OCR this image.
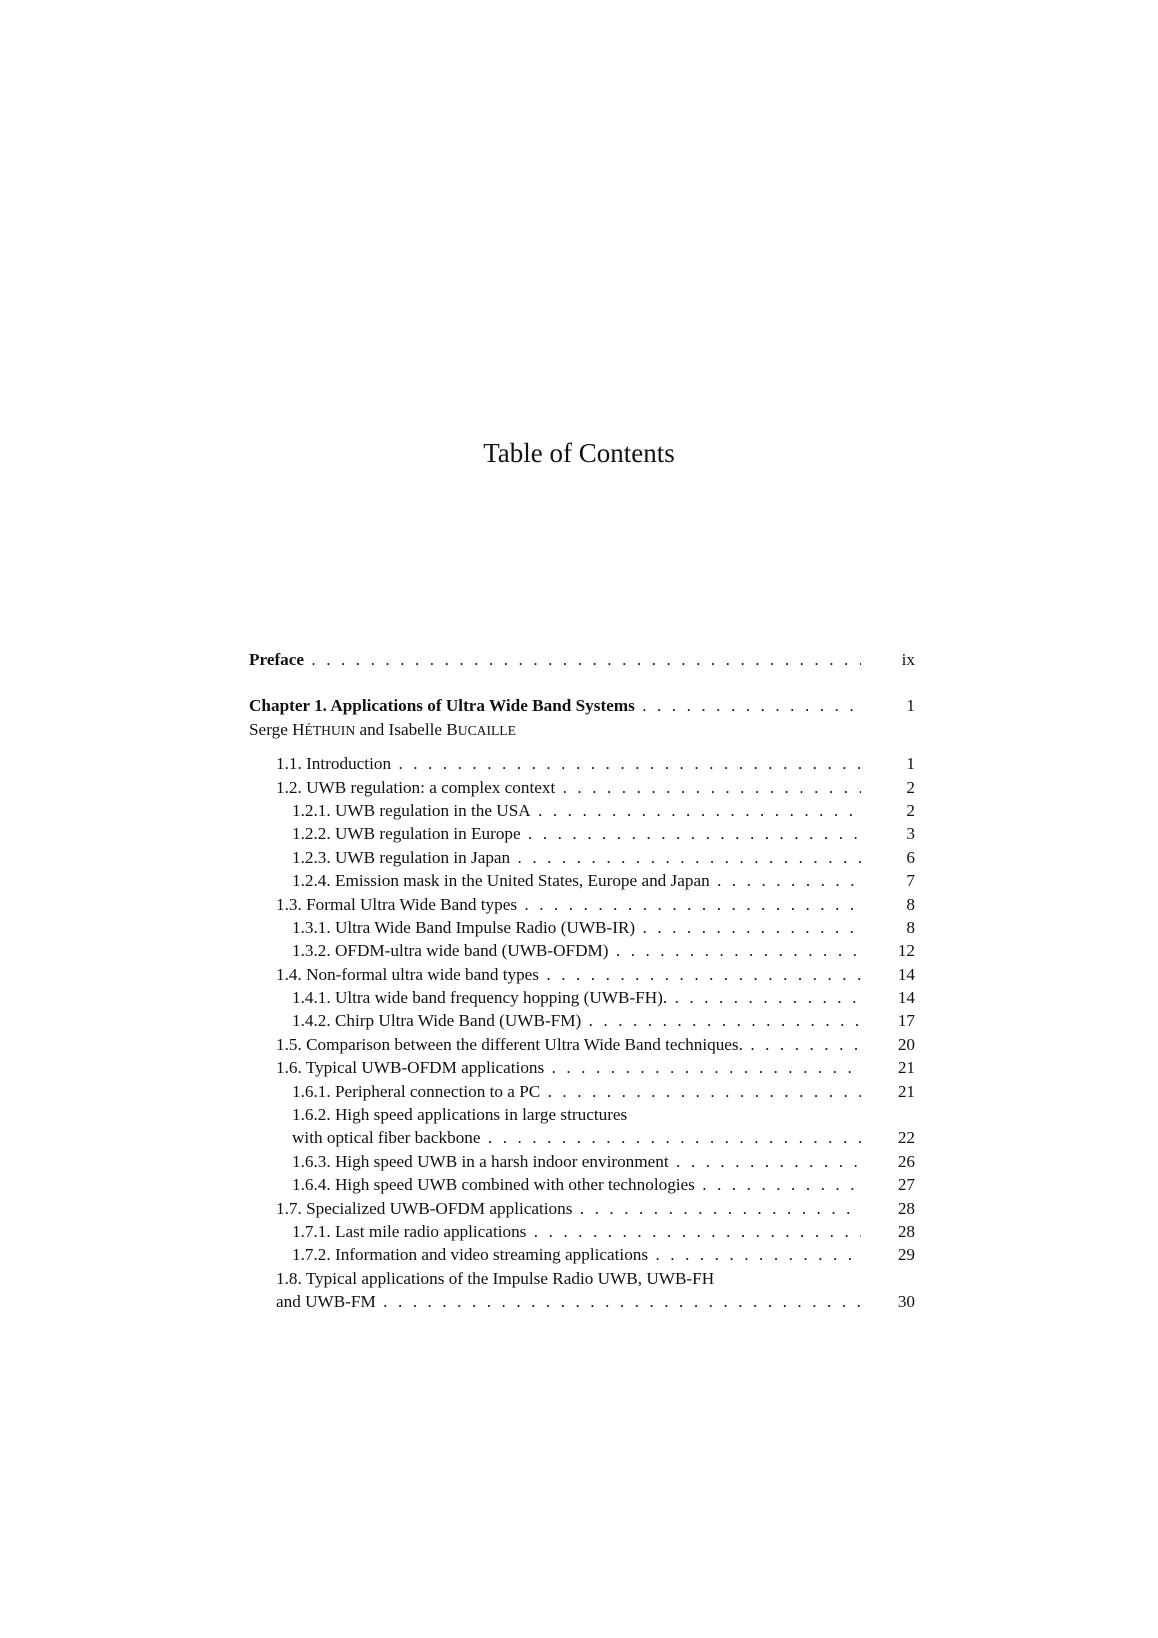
Table of Contents
Preface . . .	ix
Chapter 1. Applications of Ultra Wide Band Systems . . .	1
Serge HÉTHUIN and Isabelle BUCAILLE
1.1. Introduction . . .	1
1.2. UWB regulation: a complex context . . .	2
1.2.1. UWB regulation in the USA . . .	2
1.2.2. UWB regulation in Europe . . .	3
1.2.3. UWB regulation in Japan . . .	6
1.2.4. Emission mask in the United States, Europe and Japan . . .	7
1.3. Formal Ultra Wide Band types . . .	8
1.3.1. Ultra Wide Band Impulse Radio (UWB-IR) . . .	8
1.3.2. OFDM-ultra wide band (UWB-OFDM) . . .	12
1.4. Non-formal ultra wide band types . . .	14
1.4.1. Ultra wide band frequency hopping (UWB-FH). . . .	14
1.4.2. Chirp Ultra Wide Band (UWB-FM) . . .	17
1.5. Comparison between the different Ultra Wide Band techniques. . . .	20
1.6. Typical UWB-OFDM applications . . .	21
1.6.1. Peripheral connection to a PC . . .	21
1.6.2. High speed applications in large structures
with optical fiber backbone . . .	22
1.6.3. High speed UWB in a harsh indoor environment . . .	26
1.6.4. High speed UWB combined with other technologies . . .	27
1.7. Specialized UWB-OFDM applications . . .	28
1.7.1. Last mile radio applications . . .	28
1.7.2. Information and video streaming applications . . .	29
1.8. Typical applications of the Impulse Radio UWB, UWB-FH
and UWB-FM . . .	30
